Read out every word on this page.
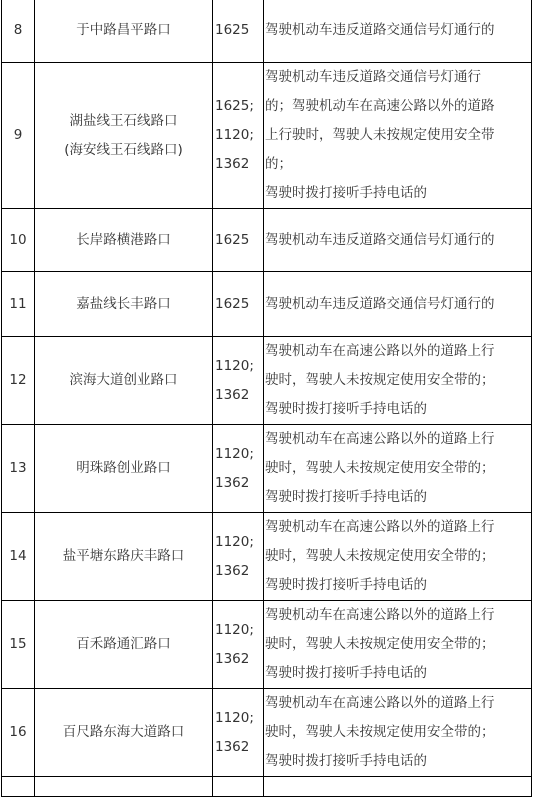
8	于中路昌平路口	1625	驾驶机动车违反道路交通信号灯通行的

9	湖盐线王石线路口
(海安线王石线路口)	1625;
1120;
1362	驾驶机动车违反道路交通信号灯通行
的；驾驶机动车在高速公路以外的道路
上行驶时，驾驶人未按规定使用安全带
的；
驾驶时拨打接听手持电话的

10	长岸路横港路口	1625	驾驶机动车违反道路交通信号灯通行的

11	嘉盐线长丰路口	1625	驾驶机动车违反道路交通信号灯通行的

12	滨海大道创业路口	1120;
1362	驾驶机动车在高速公路以外的道路上行
驶时，驾驶人未按规定使用安全带的；
驾驶时拨打接听手持电话的

13	明珠路创业路口	1120;
1362	驾驶机动车在高速公路以外的道路上行
驶时，驾驶人未按规定使用安全带的；
驾驶时拨打接听手持电话的

14	盐平塘东路庆丰路口	1120;
1362	驾驶机动车在高速公路以外的道路上行
驶时，驾驶人未按规定使用安全带的；
驾驶时拨打接听手持电话的

15	百禾路通汇路口	1120;
1362	驾驶机动车在高速公路以外的道路上行
驶时，驾驶人未按规定使用安全带的；
驾驶时拨打接听手持电话的

16	百尺路东海大道路口	1120;
1362	驾驶机动车在高速公路以外的道路上行
驶时，驾驶人未按规定使用安全带的；
驾驶时拨打接听手持电话的
